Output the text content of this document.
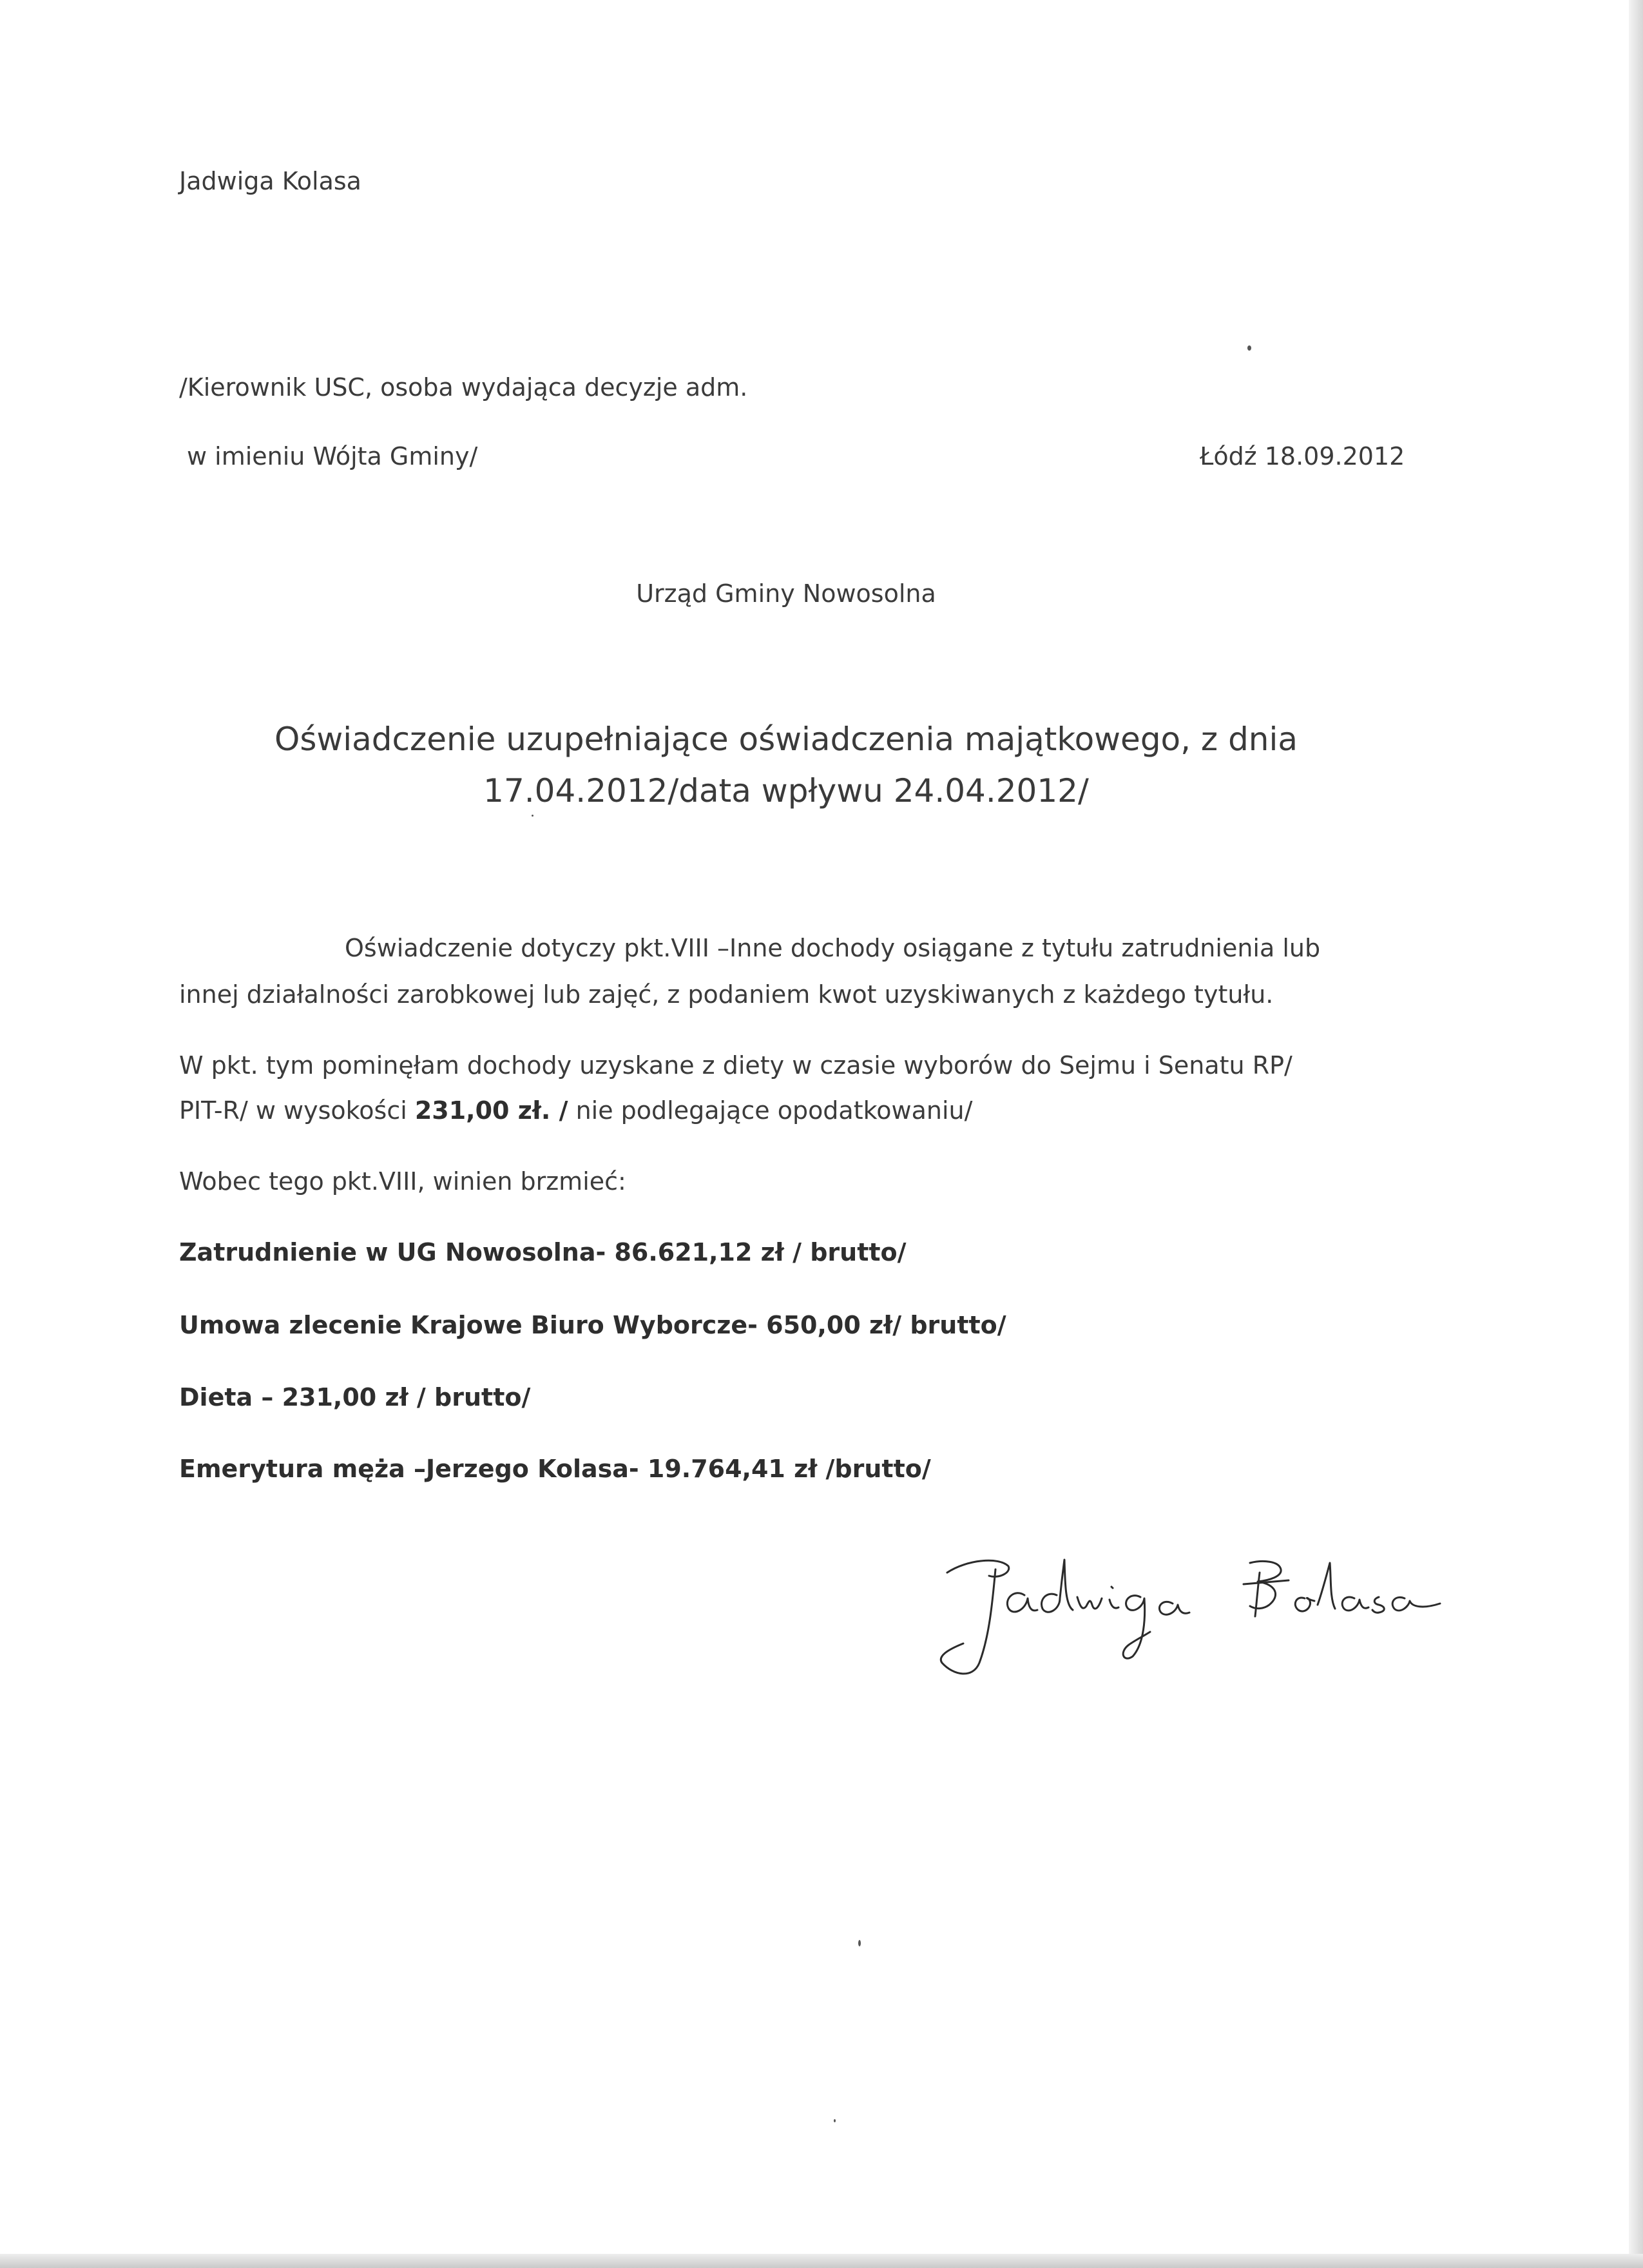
Jadwiga Kolasa
/Kierownik USC, osoba wydająca decyzje adm.
w imieniu Wójta Gminy/	Łódź 18.09.2012
Urząd Gminy Nowosolna
Oświadczenie uzupełniające oświadczenia majątkowego, z dnia
17.04.2012/data wpływu 24.04.2012/
Oświadczenie dotyczy pkt.VIII –Inne dochody osiągane z tytułu zatrudnienia lub
innej działalności zarobkowej lub zajęć, z podaniem kwot uzyskiwanych z każdego tytułu.
W pkt. tym pominęłam dochody uzyskane z diety w czasie wyborów do Sejmu i Senatu RP/
PIT-R/ w wysokości 231,00 zł. / nie podlegające opodatkowaniu/
Wobec tego pkt.VIII, winien brzmieć:
Zatrudnienie w UG Nowosolna- 86.621,12 zł / brutto/
Umowa zlecenie Krajowe Biuro Wyborcze- 650,00 zł/ brutto/
Dieta – 231,00 zł / brutto/
Emerytura męża –Jerzego Kolasa- 19.764,41 zł /brutto/
